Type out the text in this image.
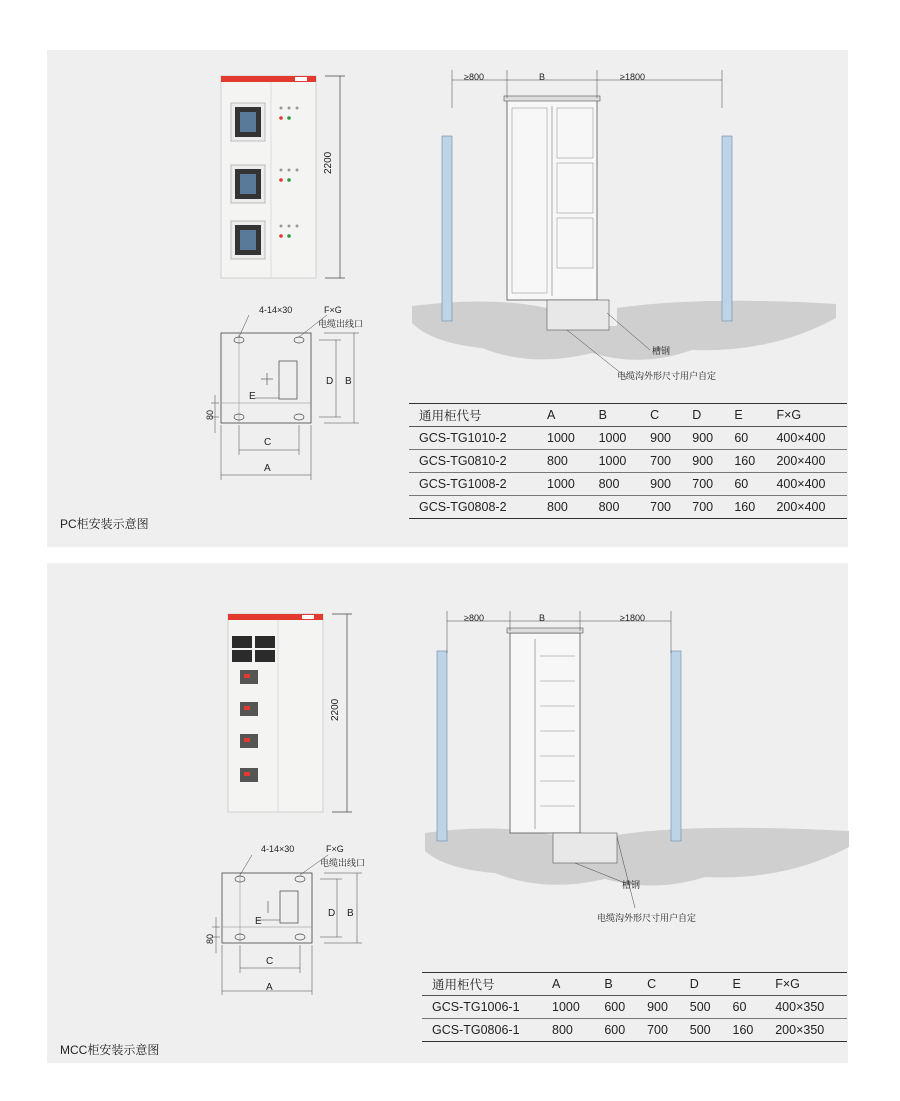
2200
4-14×30	F×G
电缆出线口
D B
E
80
C
A
≥800	B	≥1800
槽钢
电缆沟外形尺寸用户自定
通用柜代号	A	B	C	D	E	F×G
GCS-TG1010-2	1000	1000	900	900	60	400×400
GCS-TG0810-2	800	1000	700	900	160	200×400
GCS-TG1008-2	1000	800	900	700	60	400×400
GCS-TG0808-2	800	800	700	700	160	200×400
PC柜安装示意图
2200
4-14×30	F×G
电缆出线口
D B
E
80
C
A
≥800	B	≥1800
槽钢
电缆沟外形尺寸用户自定
通用柜代号	A	B	C	D	E	F×G
GCS-TG1006-1	1000	600	900	500	60	400×350
GCS-TG0806-1	800	600	700	500	160	200×350
MCC柜安装示意图
